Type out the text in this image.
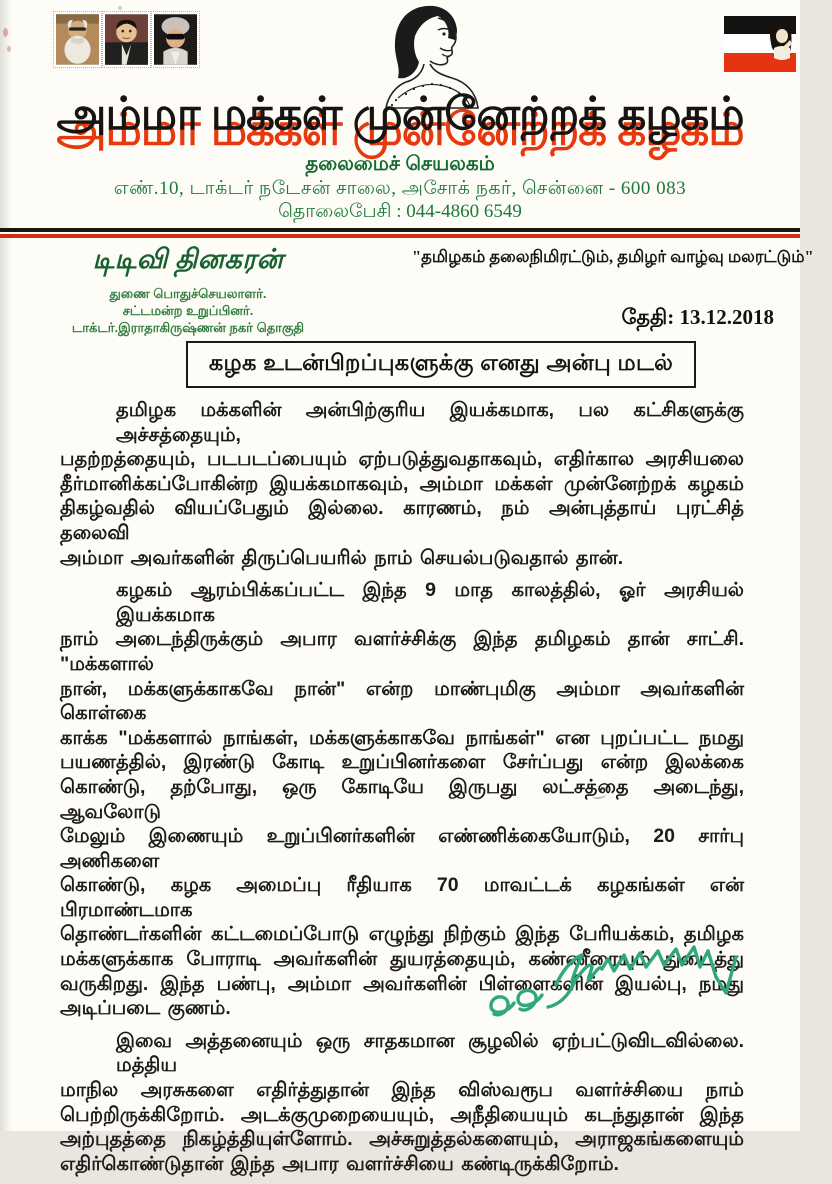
அம்மா மக்கள் முன்னேற்றக் கழகம்
தலைமைச் செயலகம்
எண்.10, டாக்டர் நடேசன் சாலை, அசோக் நகர், சென்னை - 600 083
தொலைபேசி : 044-4860 6549
டிடிவி தினகரன்
துணை பொதுச்செயலாளர்.
சட்டமன்ற உறுப்பினர்.
டாக்டர்.இராதாகிருஷ்ணன் நகர் தொகுதி
"தமிழகம் தலைநிமிரட்டும், தமிழர் வாழ்வு மலரட்டும்"
தேதி: 13.12.2018
கழக உடன்பிறப்புகளுக்கு எனது அன்பு மடல்
தமிழக மக்களின் அன்பிற்குரிய இயக்கமாக, பல கட்சிகளுக்கு அச்சத்தையும்,
பதற்றத்தையும், படபடப்பையும் ஏற்படுத்துவதாகவும், எதிர்கால அரசியலை
தீர்மானிக்கப்போகின்ற இயக்கமாகவும், அம்மா மக்கள் முன்னேற்றக் கழகம்
திகழ்வதில் வியப்பேதும் இல்லை. காரணம், நம் அன்புத்தாய் புரட்சித் தலைவி
அம்மா அவர்களின் திருப்பெயரில் நாம் செயல்படுவதால் தான்.
கழகம் ஆரம்பிக்கப்பட்ட இந்த 9 மாத காலத்தில், ஓர் அரசியல் இயக்கமாக
நாம் அடைந்திருக்கும் அபார வளர்ச்சிக்கு இந்த தமிழகம் தான் சாட்சி. "மக்களால்
நான், மக்களுக்காகவே நான்" என்ற மாண்புமிகு அம்மா அவர்களின் கொள்கை
காக்க "மக்களால் நாங்கள், மக்களுக்காகவே நாங்கள்" என புறப்பட்ட நமது
பயணத்தில், இரண்டு கோடி உறுப்பினர்களை சேர்ப்பது என்ற இலக்கை
கொண்டு, தற்போது, ஒரு கோடியே இருபது லட்சத்தை அடைந்து, ஆவலோடு
மேலும் இணையும் உறுப்பினர்களின் எண்ணிக்கையோடும், 20 சார்பு அணிகளை
கொண்டு, கழக அமைப்பு ரீதியாக 70 மாவட்டக் கழகங்கள் என் பிரமாண்டமாக
தொண்டர்களின் கட்டமைப்போடு எழுந்து நிற்கும் இந்த பேரியக்கம், தமிழக
மக்களுக்காக போராடி அவர்களின் துயரத்தையும், கண்ணீரையும் துடைத்து
வருகிறது. இந்த பண்பு, அம்மா அவர்களின் பிள்ளைகளின் இயல்பு, நமது
அடிப்படை குணம்.
இவை அத்தனையும் ஒரு சாதகமான சூழலில் ஏற்பட்டுவிடவில்லை. மத்திய
மாநில அரசுகளை எதிர்த்துதான் இந்த விஸ்வரூப வளர்ச்சியை நாம்
பெற்றிருக்கிறோம். அடக்குமுறையையும், அநீதியையும் கடந்துதான் இந்த
அற்புதத்தை நிகழ்த்தியுள்ளோம். அச்சுறுத்தல்களையும், அராஜகங்களையும்
எதிர்கொண்டுதான் இந்த அபார வளர்ச்சியை கண்டிருக்கிறோம்.
